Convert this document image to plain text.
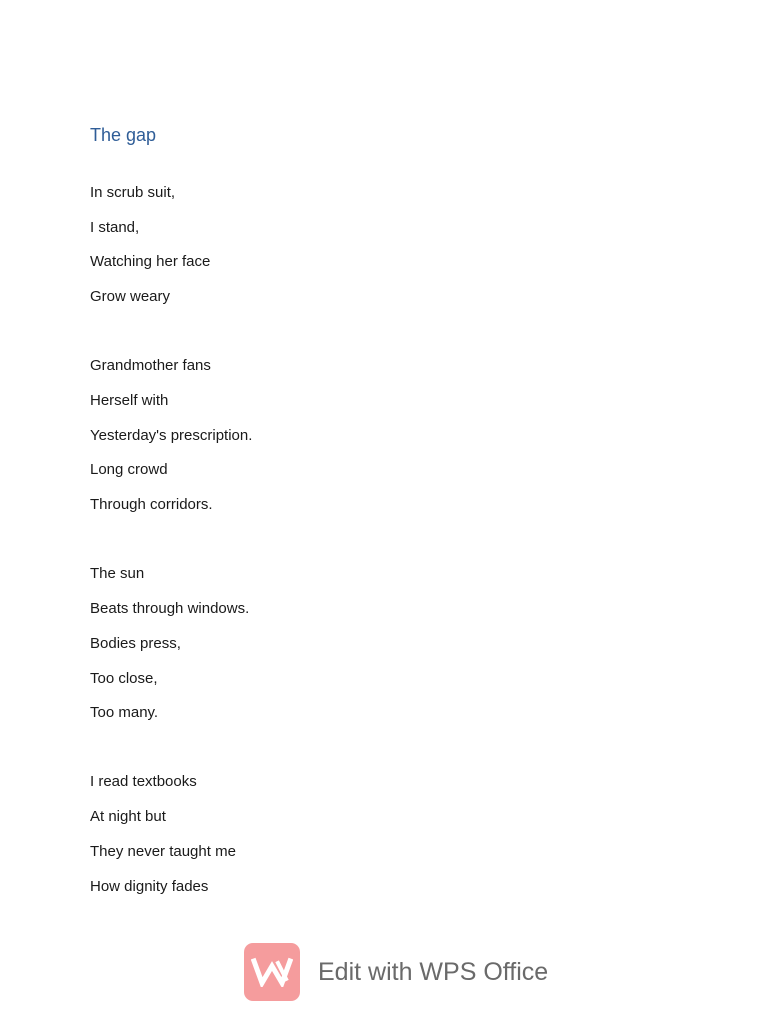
The gap

In scrub suit,

I stand,

Watching her face

Grow weary

Grandmother fans

Herself with

Yesterday's prescription.

Long crowd

Through corridors.

The sun

Beats through windows.

Bodies press,

Too close,

Too many.

I read textbooks

At night but

They never taught me

How dignity fades

Edit with WPS Office
